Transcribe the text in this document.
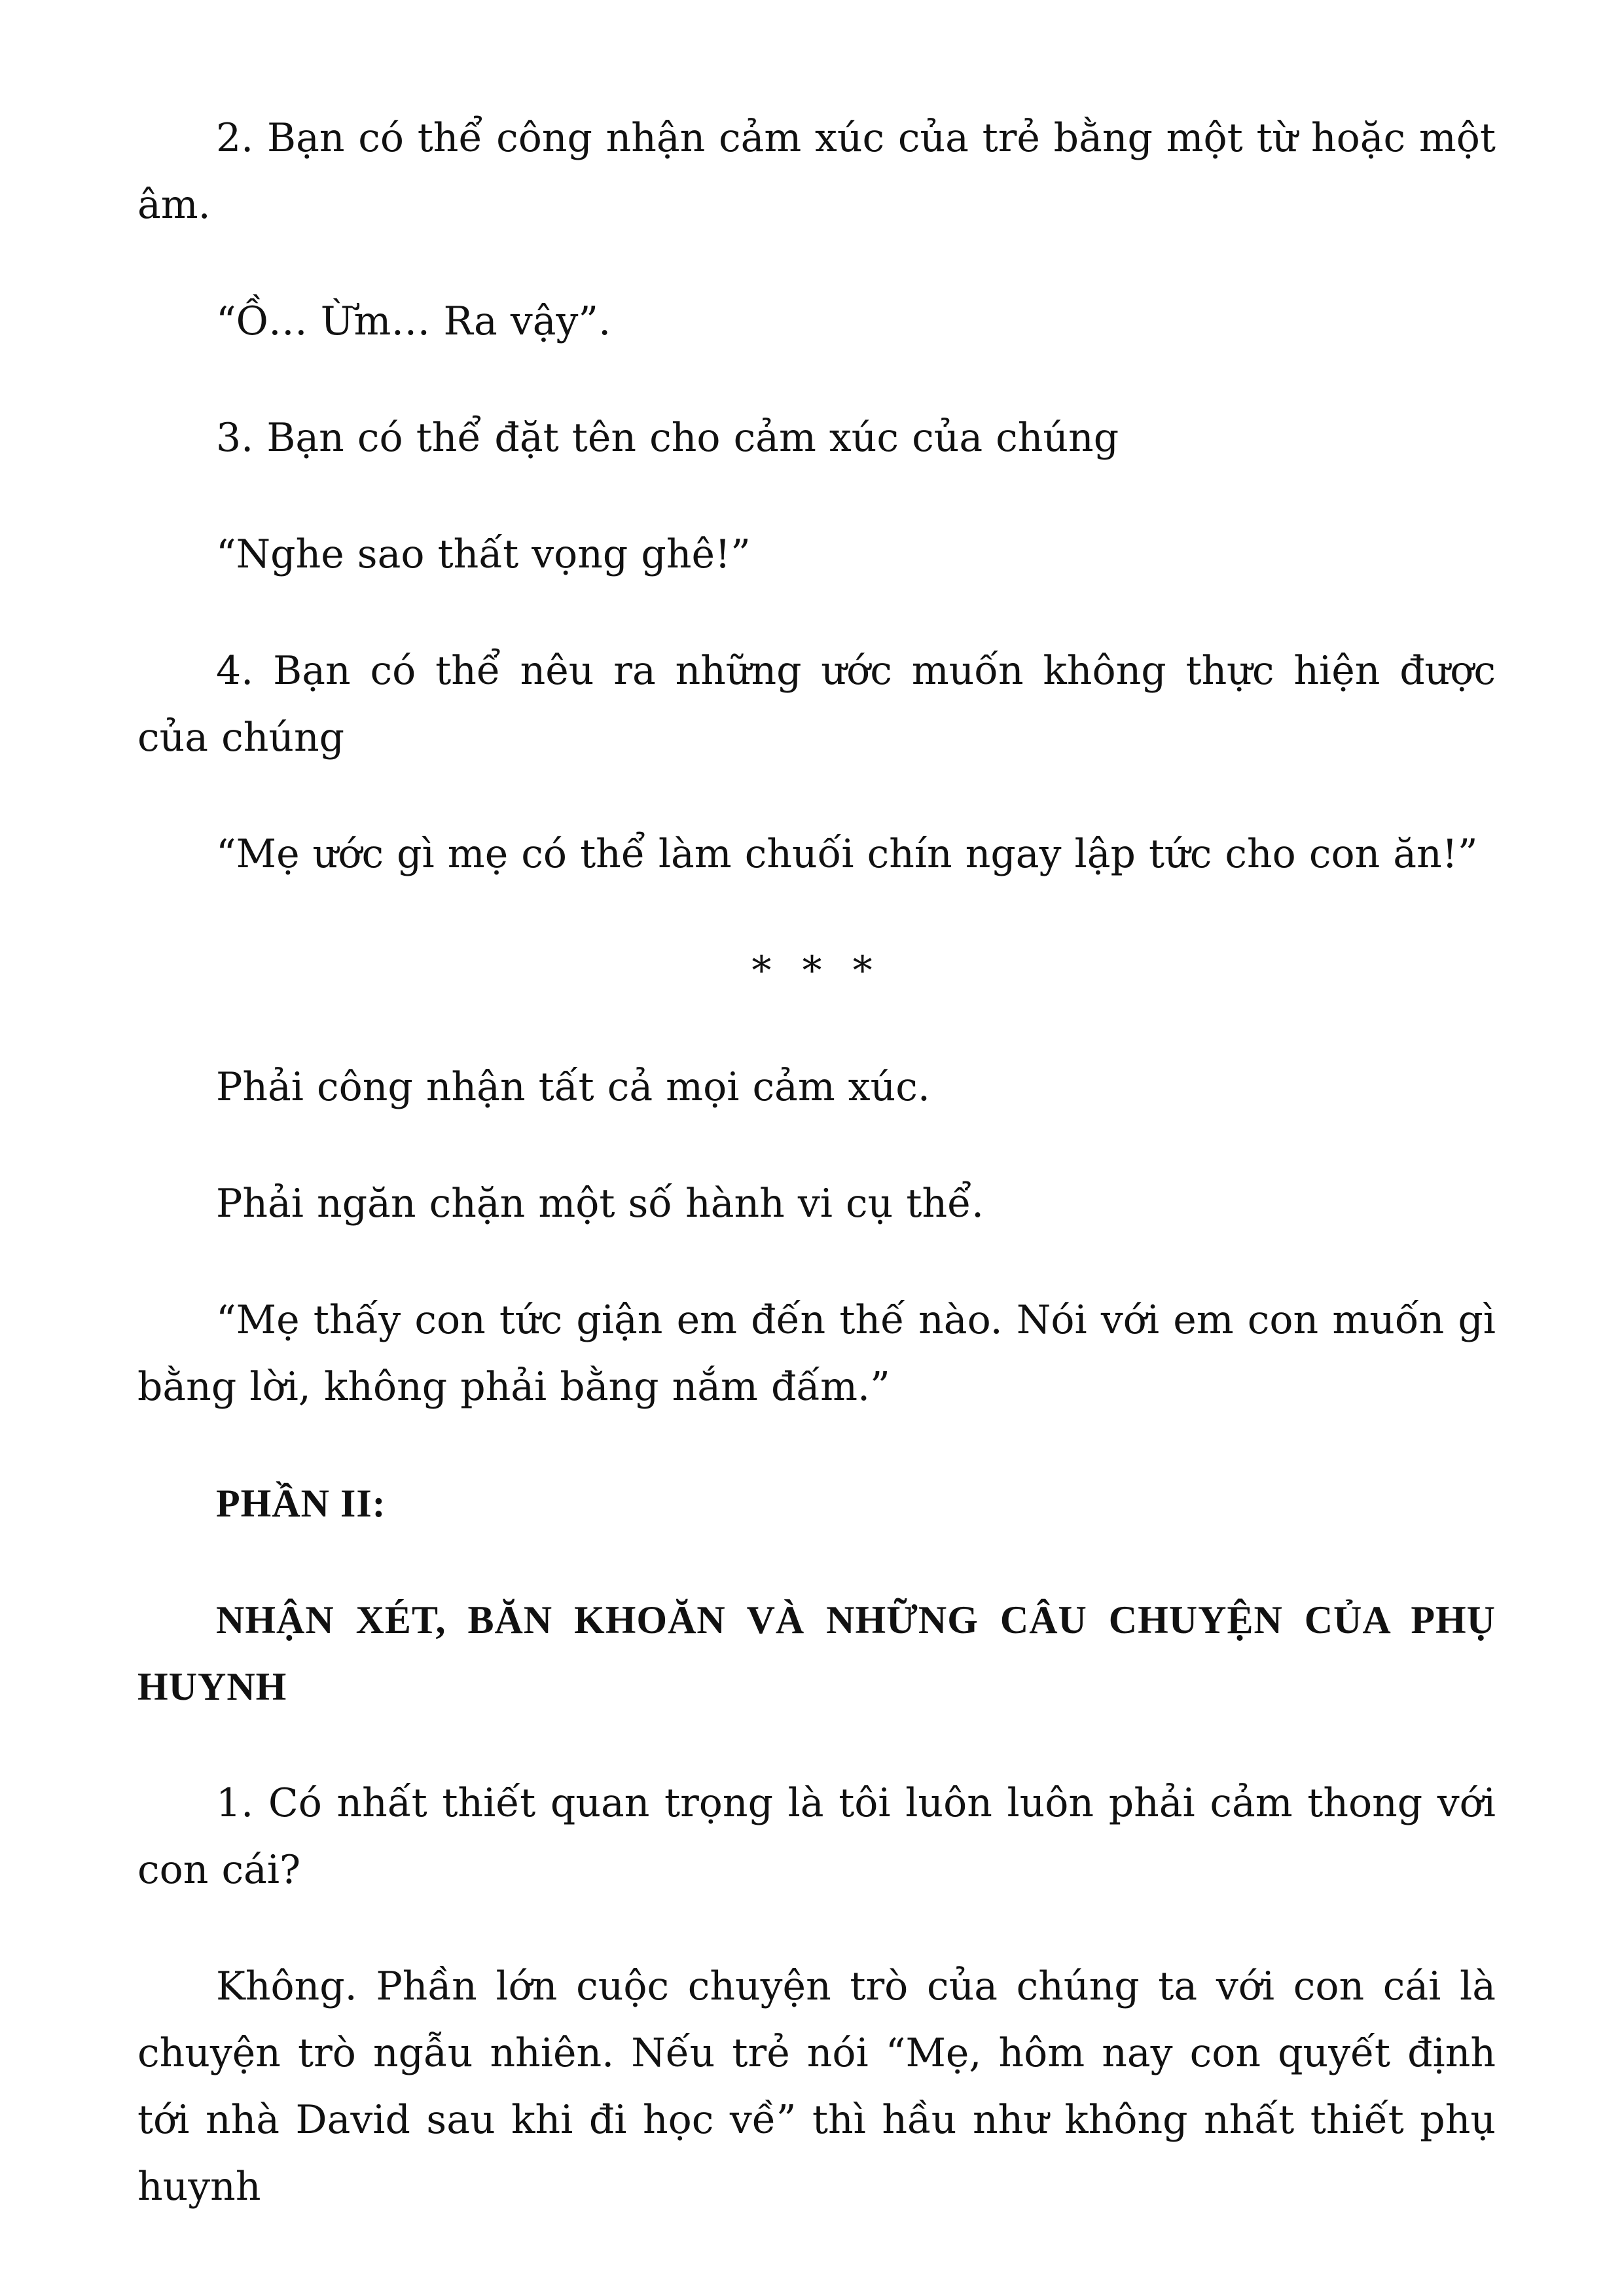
2. Bạn có thể công nhận cảm xúc của trẻ bằng một từ hoặc một âm.

“Ồ… Ừm… Ra vậy”.

3. Bạn có thể đặt tên cho cảm xúc của chúng

“Nghe sao thất vọng ghê!”

4. Bạn có thể nêu ra những ước muốn không thực hiện được của chúng

“Mẹ ước gì mẹ có thể làm chuối chín ngay lập tức cho con ăn!”

* * *

Phải công nhận tất cả mọi cảm xúc.

Phải ngăn chặn một số hành vi cụ thể.

“Mẹ thấy con tức giận em đến thế nào. Nói với em con muốn gì bằng lời, không phải bằng nắm đấm.”

PHẦN II:

NHẬN XÉT, BĂN KHOĂN VÀ NHỮNG CÂU CHUYỆN CỦA PHỤ HUYNH

1. Có nhất thiết quan trọng là tôi luôn luôn phải cảm thong với con cái?

Không. Phần lớn cuộc chuyện trò của chúng ta với con cái là chuyện trò ngẫu nhiên. Nếu trẻ nói “Mẹ, hôm nay con quyết định tới nhà David sau khi đi học về” thì hầu như không nhất thiết phụ huynh
